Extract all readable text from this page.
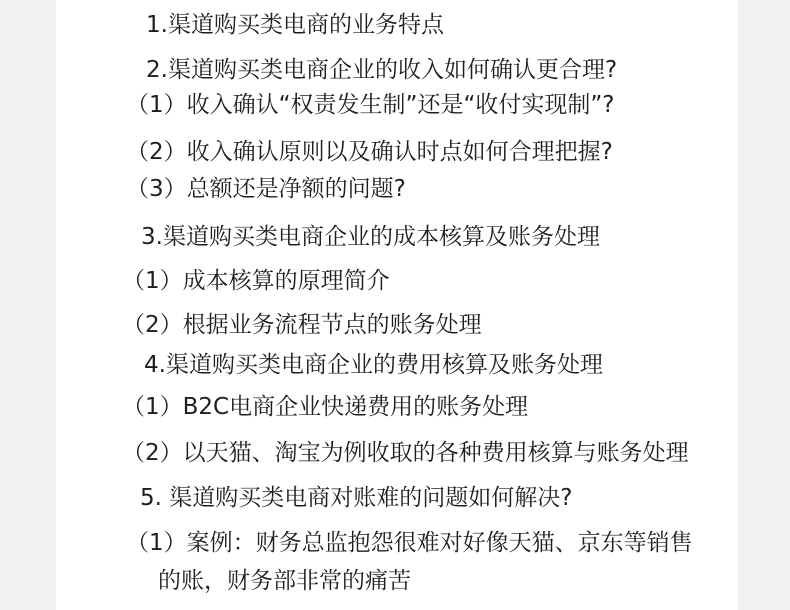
1.渠道购买类电商的业务特点
2.渠道购买类电商企业的收入如何确认更合理?
（1）收入确认“权责发生制”还是“收付实现制”?
（2）收入确认原则以及确认时点如何合理把握?
（3）总额还是净额的问题?
3.渠道购买类电商企业的成本核算及账务处理
（1）成本核算的原理简介
（2）根据业务流程节点的账务处理
4.渠道购买类电商企业的费用核算及账务处理
（1）B2C电商企业快递费用的账务处理
（2）以天猫、淘宝为例收取的各种费用核算与账务处理
5. 渠道购买类电商对账难的问题如何解决?
（1）案例：财务总监抱怨很难对好像天猫、京东等销售
的账，财务部非常的痛苦
